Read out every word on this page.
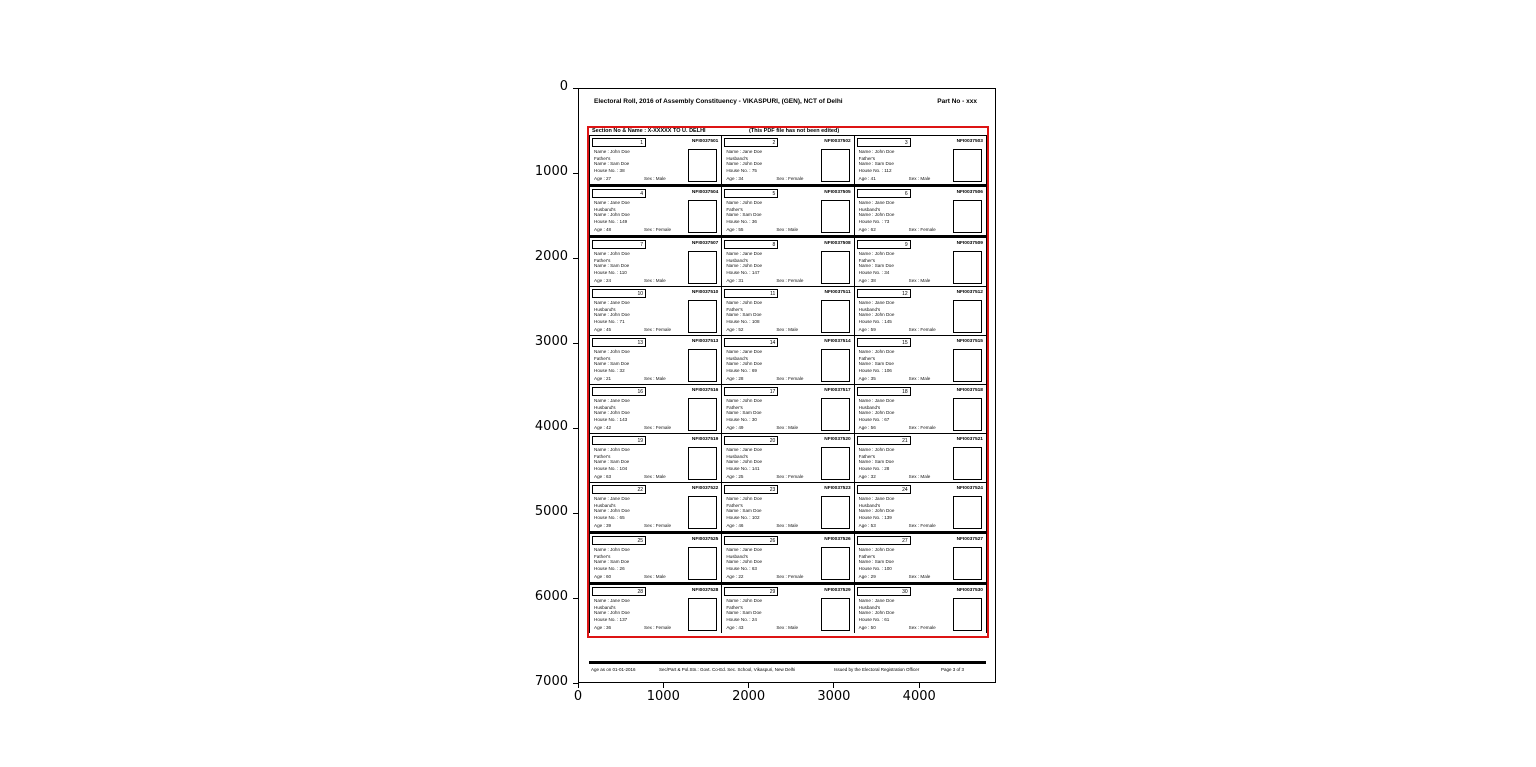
Electoral Roll, 2016 of Assembly Constituency - VIKASPURI, (GEN), NCT of Delhi	Part No - xxx
Section No & Name : X-XXXXX TO U. DELHI	(This PDF file has not been edited)
1	NFI0037501
Name : John Doe
Father's
Name : Sam Doe
House No. : 38
Age : 27	Sex : Male
2	NFI0037502
Name : Jane Doe
Husband's
Name : John Doe
House No. : 75
Age : 34	Sex : Female
3	NFI0037503
Name : John Doe
Father's
Name : Sam Doe
House No. : 112
Age : 41	Sex : Male
4	NFI0037504
Name : Jane Doe
Husband's
Name : John Doe
House No. : 149
Age : 48	Sex : Female
5	NFI0037505
Name : John Doe
Father's
Name : Sam Doe
House No. : 36
Age : 55	Sex : Male
6	NFI0037506
Name : Jane Doe
Husband's
Name : John Doe
House No. : 73
Age : 62	Sex : Female
7	NFI0037507
Name : John Doe
Father's
Name : Sam Doe
House No. : 110
Age : 24	Sex : Male
8	NFI0037508
Name : Jane Doe
Husband's
Name : John Doe
House No. : 147
Age : 31	Sex : Female
9	NFI0037509
Name : John Doe
Father's
Name : Sam Doe
House No. : 34
Age : 38	Sex : Male
10	NFI0037510
Name : Jane Doe
Husband's
Name : John Doe
House No. : 71
Age : 45	Sex : Female
11	NFI0037511
Name : John Doe
Father's
Name : Sam Doe
House No. : 108
Age : 52	Sex : Male
12	NFI0037512
Name : Jane Doe
Husband's
Name : John Doe
House No. : 145
Age : 59	Sex : Female
13	NFI0037513
Name : John Doe
Father's
Name : Sam Doe
House No. : 32
Age : 21	Sex : Male
14	NFI0037514
Name : Jane Doe
Husband's
Name : John Doe
House No. : 69
Age : 28	Sex : Female
15	NFI0037515
Name : John Doe
Father's
Name : Sam Doe
House No. : 106
Age : 35	Sex : Male
16	NFI0037516
Name : Jane Doe
Husband's
Name : John Doe
House No. : 143
Age : 42	Sex : Female
17	NFI0037517
Name : John Doe
Father's
Name : Sam Doe
House No. : 30
Age : 49	Sex : Male
18	NFI0037518
Name : Jane Doe
Husband's
Name : John Doe
House No. : 67
Age : 56	Sex : Female
19	NFI0037519
Name : John Doe
Father's
Name : Sam Doe
House No. : 104
Age : 63	Sex : Male
20	NFI0037520
Name : Jane Doe
Husband's
Name : John Doe
House No. : 141
Age : 25	Sex : Female
21	NFI0037521
Name : John Doe
Father's
Name : Sam Doe
House No. : 28
Age : 32	Sex : Male
22	NFI0037522
Name : Jane Doe
Husband's
Name : John Doe
House No. : 65
Age : 39	Sex : Female
23	NFI0037523
Name : John Doe
Father's
Name : Sam Doe
House No. : 102
Age : 46	Sex : Male
24	NFI0037524
Name : Jane Doe
Husband's
Name : John Doe
House No. : 139
Age : 53	Sex : Female
25	NFI0037525
Name : John Doe
Father's
Name : Sam Doe
House No. : 26
Age : 60	Sex : Male
26	NFI0037526
Name : Jane Doe
Husband's
Name : John Doe
House No. : 63
Age : 22	Sex : Female
27	NFI0037527
Name : John Doe
Father's
Name : Sam Doe
House No. : 100
Age : 29	Sex : Male
28	NFI0037528
Name : Jane Doe
Husband's
Name : John Doe
House No. : 137
Age : 36	Sex : Female
29	NFI0037529
Name : John Doe
Father's
Name : Sam Doe
House No. : 24
Age : 43	Sex : Male
30	NFI0037530
Name : Jane Doe
Husband's
Name : John Doe
House No. : 61
Age : 50	Sex : Female
Age as on 01-01-2016	Sec/Part & Pol.Stn.: Govt. Co-Ed. Sec. School, Vikaspuri, New Delhi	Issued by the Electoral Registration Officer	Page 3 of 3
0
1000
2000
3000
4000
5000
6000
7000
0	1000	2000	3000	4000
